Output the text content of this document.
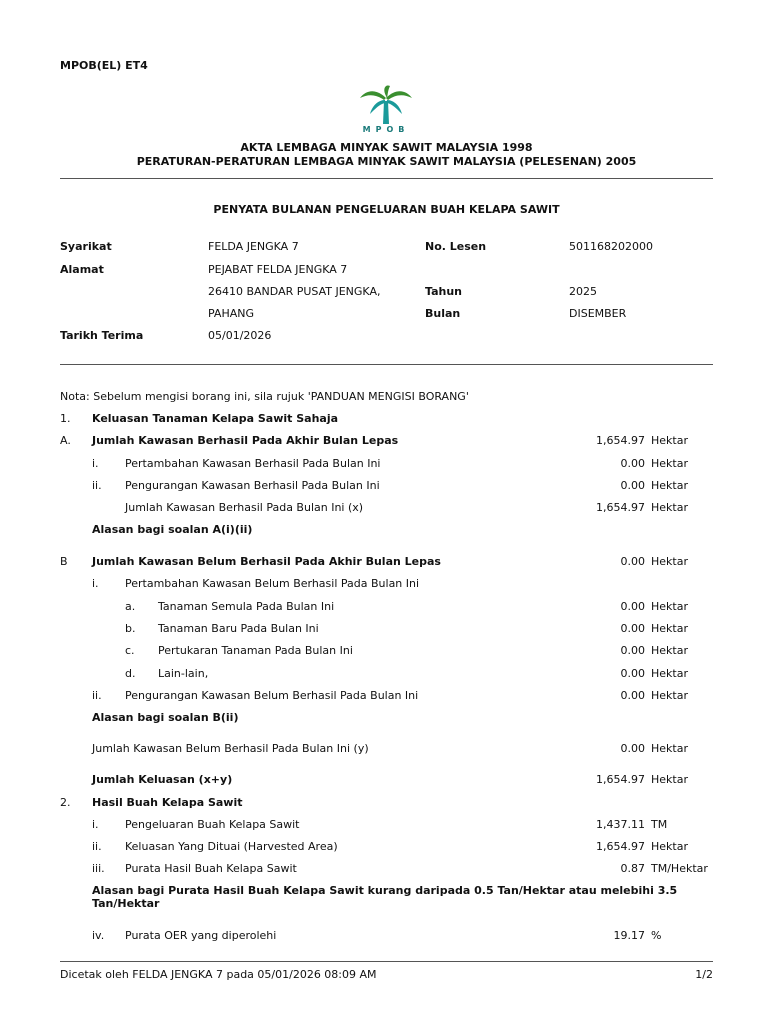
MPOB(EL) ET4
MPOB
AKTA LEMBAGA MINYAK SAWIT MALAYSIA 1998
PERATURAN-PERATURAN LEMBAGA MINYAK SAWIT MALAYSIA (PELESENAN) 2005
PENYATA BULANAN PENGELUARAN BUAH KELAPA SAWIT
Syarikat	FELDA JENGKA 7	No. Lesen	501168202000
Alamat	PEJABAT FELDA JENGKA 7
26410 BANDAR PUSAT JENGKA,	Tahun	2025
PAHANG	Bulan	DISEMBER
Tarikh Terima	05/01/2026
Nota: Sebelum mengisi borang ini, sila rujuk 'PANDUAN MENGISI BORANG'
1. Keluasan Tanaman Kelapa Sawit Sahaja
A. Jumlah Kawasan Berhasil Pada Akhir Bulan Lepas	1,654.97 Hektar
i. Pertambahan Kawasan Berhasil Pada Bulan Ini	0.00 Hektar
ii. Pengurangan Kawasan Berhasil Pada Bulan Ini	0.00 Hektar
Jumlah Kawasan Berhasil Pada Bulan Ini (x)	1,654.97 Hektar
Alasan bagi soalan A(i)(ii)
B Jumlah Kawasan Belum Berhasil Pada Akhir Bulan Lepas	0.00 Hektar
i. Pertambahan Kawasan Belum Berhasil Pada Bulan Ini
a. Tanaman Semula Pada Bulan Ini	0.00 Hektar
b. Tanaman Baru Pada Bulan Ini	0.00 Hektar
c. Pertukaran Tanaman Pada Bulan Ini	0.00 Hektar
d. Lain-lain,	0.00 Hektar
ii. Pengurangan Kawasan Belum Berhasil Pada Bulan Ini	0.00 Hektar
Alasan bagi soalan B(ii)
Jumlah Kawasan Belum Berhasil Pada Bulan Ini (y)	0.00 Hektar
Jumlah Keluasan (x+y)	1,654.97 Hektar
2. Hasil Buah Kelapa Sawit
i. Pengeluaran Buah Kelapa Sawit	1,437.11 TM
ii. Keluasan Yang Dituai (Harvested Area)	1,654.97 Hektar
iii. Purata Hasil Buah Kelapa Sawit	0.87 TM/Hektar
Alasan bagi Purata Hasil Buah Kelapa Sawit kurang daripada 0.5 Tan/Hektar atau melebihi 3.5
Tan/Hektar
iv. Purata OER yang diperolehi	19.17 %
Dicetak oleh FELDA JENGKA 7 pada 05/01/2026 08:09 AM	1/2
